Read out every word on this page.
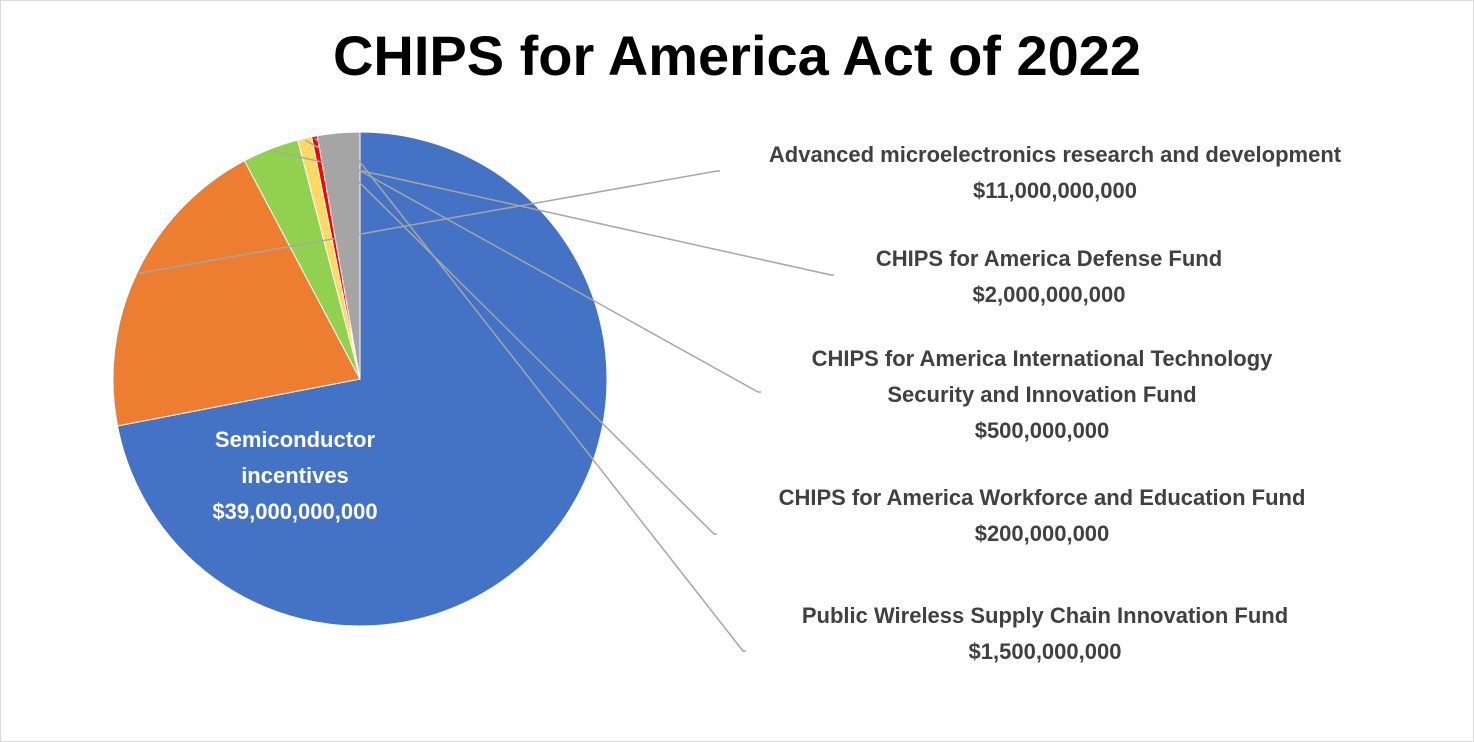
CHIPS for America Act of 2022
Semiconductor
incentives
$39,000,000,000
Advanced microelectronics research and development
$11,000,000,000
CHIPS for America Defense Fund
$2,000,000,000
CHIPS for America International Technology
Security and Innovation Fund
$500,000,000
CHIPS for America Workforce and Education Fund
$200,000,000
Public Wireless Supply Chain Innovation Fund
$1,500,000,000
